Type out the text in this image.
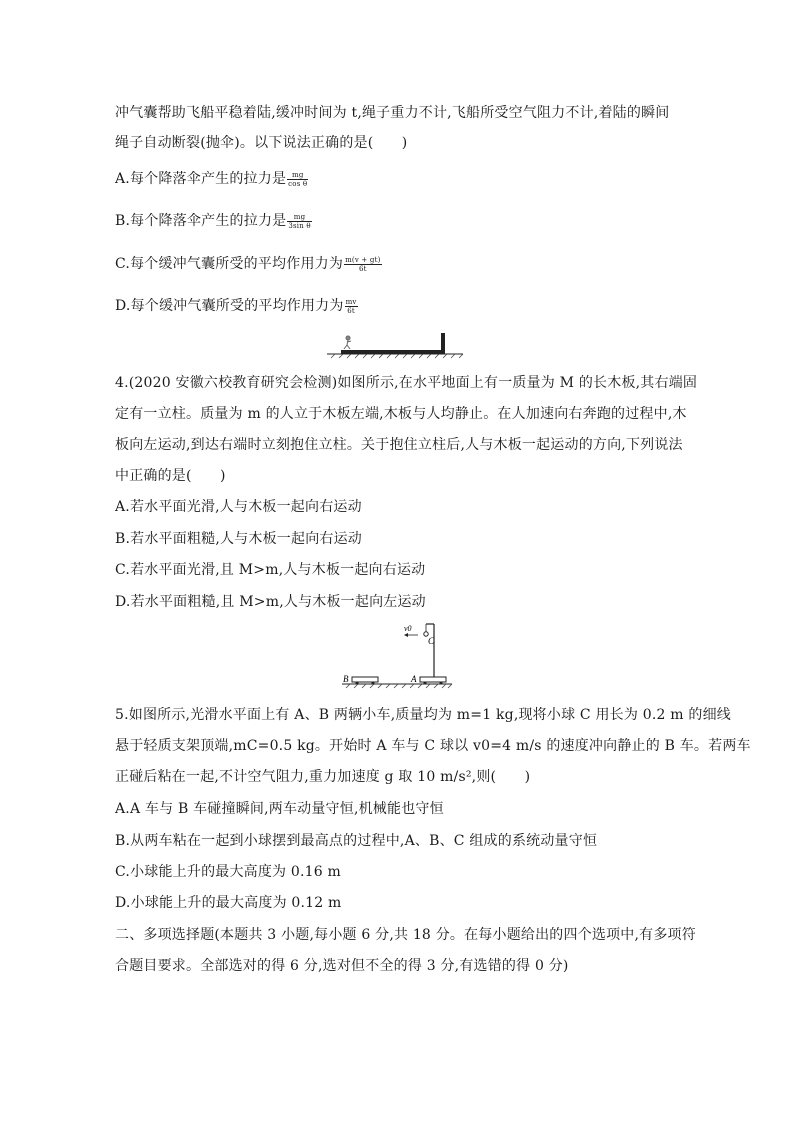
冲气囊帮助飞船平稳着陆,缓冲时间为 t,绳子重力不计,飞船所受空气阻力不计,着陆的瞬间
绳子自动断裂(抛伞)。以下说法正确的是(　　)
A.每个降落伞产生的拉力是 $\frac{mg}{\text{cos θ}}$
B.每个降落伞产生的拉力是 $\frac{mg}{\text{3sin θ}}$
C.每个缓冲气囊所受的平均作用力为 $\frac{m(v + gt)}{6t}$
D.每个缓冲气囊所受的平均作用力为 $\frac{mv}{6t}$
4.(2020 安徽六校教育研究会检测)如图所示,在水平地面上有一质量为 M 的长木板,其右端固
定有一立柱。质量为 m 的人立于木板左端,木板与人均静止。在人加速向右奔跑的过程中,木
板向左运动,到达右端时立刻抱住立柱。关于抱住立柱后,人与木板一起运动的方向,下列说法
中正确的是(　　)
A.若水平面光滑,人与木板一起向右运动
B.若水平面粗糙,人与木板一起向右运动
C.若水平面光滑,且 M>m,人与木板一起向右运动
D.若水平面粗糙,且 M>m,人与木板一起向左运动
v0
C
A
B
5.如图所示,光滑水平面上有 A、B 两辆小车,质量均为 m=1 kg,现将小球 C 用长为 0.2 m 的细线
悬于轻质支架顶端,mC=0.5 kg。开始时 A 车与 C 球以 v0=4 m/s 的速度冲向静止的 B 车。若两车
正碰后粘在一起,不计空气阻力,重力加速度 g 取 10 m/s²,则(　　)
A.A 车与 B 车碰撞瞬间,两车动量守恒,机械能也守恒
B.从两车粘在一起到小球摆到最高点的过程中,A、B、C 组成的系统动量守恒
C.小球能上升的最大高度为 0.16 m
D.小球能上升的最大高度为 0.12 m
二、多项选择题(本题共 3 小题,每小题 6 分,共 18 分。在每小题给出的四个选项中,有多项符
合题目要求。全部选对的得 6 分,选对但不全的得 3 分,有选错的得 0 分)
